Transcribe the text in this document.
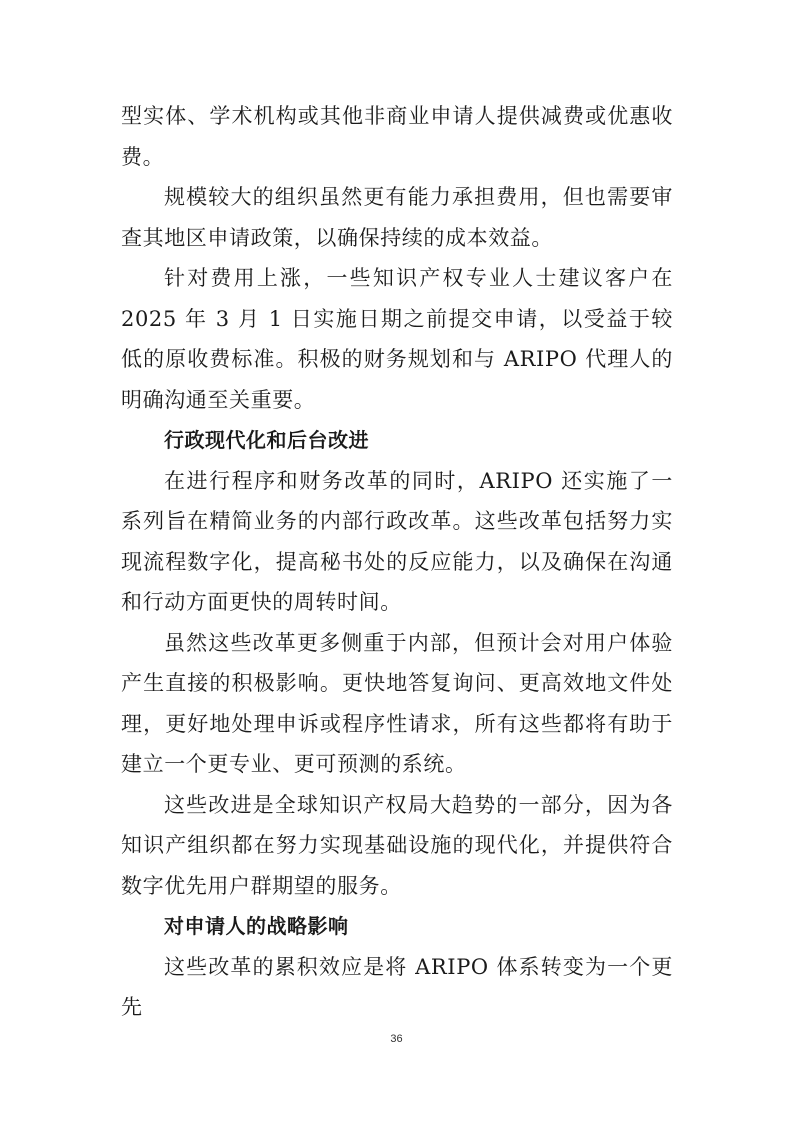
型实体、学术机构或其他非商业申请人提供减费或优惠收费。

规模较大的组织虽然更有能力承担费用，但也需要审查其地区申请政策，以确保持续的成本效益。

针对费用上涨，一些知识产权专业人士建议客户在 2025 年 3 月 1 日实施日期之前提交申请，以受益于较低的原收费标准。积极的财务规划和与 ARIPO 代理人的明确沟通至关重要。

行政现代化和后台改进

在进行程序和财务改革的同时，ARIPO 还实施了一系列旨在精简业务的内部行政改革。这些改革包括努力实现流程数字化，提高秘书处的反应能力，以及确保在沟通和行动方面更快的周转时间。

虽然这些改革更多侧重于内部，但预计会对用户体验产生直接的积极影响。更快地答复询问、更高效地文件处理，更好地处理申诉或程序性请求，所有这些都将有助于建立一个更专业、更可预测的系统。

这些改进是全球知识产权局大趋势的一部分，因为各知识产组织都在努力实现基础设施的现代化，并提供符合数字优先用户群期望的服务。

对申请人的战略影响

这些改革的累积效应是将 ARIPO 体系转变为一个更先

36
